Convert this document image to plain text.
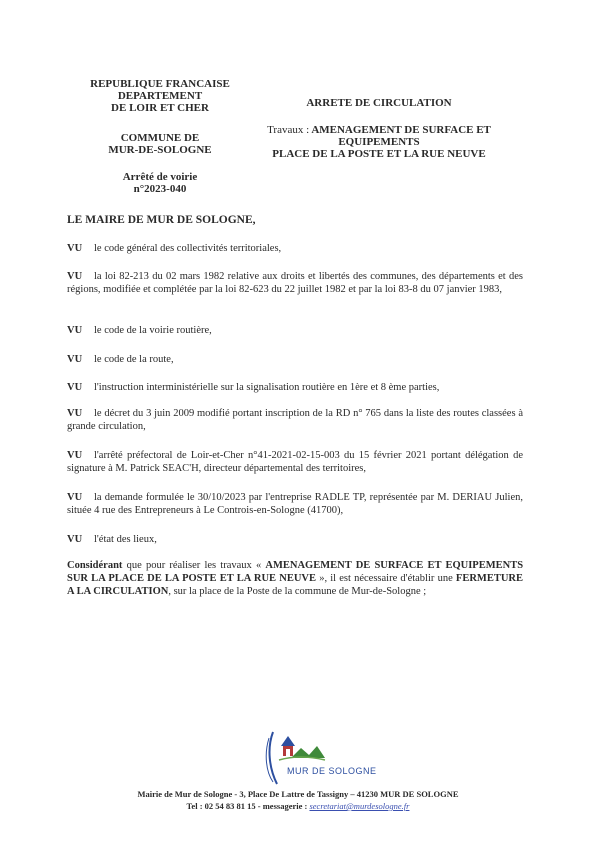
REPUBLIQUE FRANCAISE
DEPARTEMENT
DE LOIR ET CHER
COMMUNE DE
MUR-DE-SOLOGNE
Arrêté de voirie
n°2023-040
ARRETE DE CIRCULATION
Travaux : AMENAGEMENT DE SURFACE ET
EQUIPEMENTS
PLACE DE LA POSTE ET LA RUE NEUVE
LE MAIRE DE MUR DE SOLOGNE,
VU le code général des collectivités territoriales,
VU la loi 82-213 du 02 mars 1982 relative aux droits et libertés des communes, des départements et des régions, modifiée et complétée par la loi 82-623 du 22 juillet 1982 et par la loi 83-8 du 07 janvier 1983,
VU le code de la voirie routière,
VU le code de la route,
VU l'instruction interministérielle sur la signalisation routière en 1ère et 8 ème parties,
VU le décret du 3 juin 2009 modifié portant inscription de la RD n° 765 dans la liste des routes classées à grande circulation,
VU l'arrêté préfectoral de Loir-et-Cher n°41-2021-02-15-003 du 15 février 2021 portant délégation de signature à M. Patrick SEAC'H, directeur départemental des territoires,
VU la demande formulée le 30/10/2023 par l'entreprise RADLE TP, représentée par M. DERIAU Julien, située 4 rue des Entrepreneurs à Le Controis-en-Sologne (41700),
VU l'état des lieux,
Considérant que pour réaliser les travaux « AMENAGEMENT DE SURFACE ET EQUIPEMENTS SUR LA PLACE DE LA POSTE ET LA RUE NEUVE », il est nécessaire d'établir une FERMETURE A LA CIRCULATION, sur la place de la Poste de la commune de Mur-de-Sologne ;
MUR DE SOLOGNE
Mairie de Mur de Sologne - 3, Place De Lattre de Tassigny – 41230 MUR DE SOLOGNE
Tel : 02 54 83 81 15 - messagerie : secretariat@murdesologne.fr
